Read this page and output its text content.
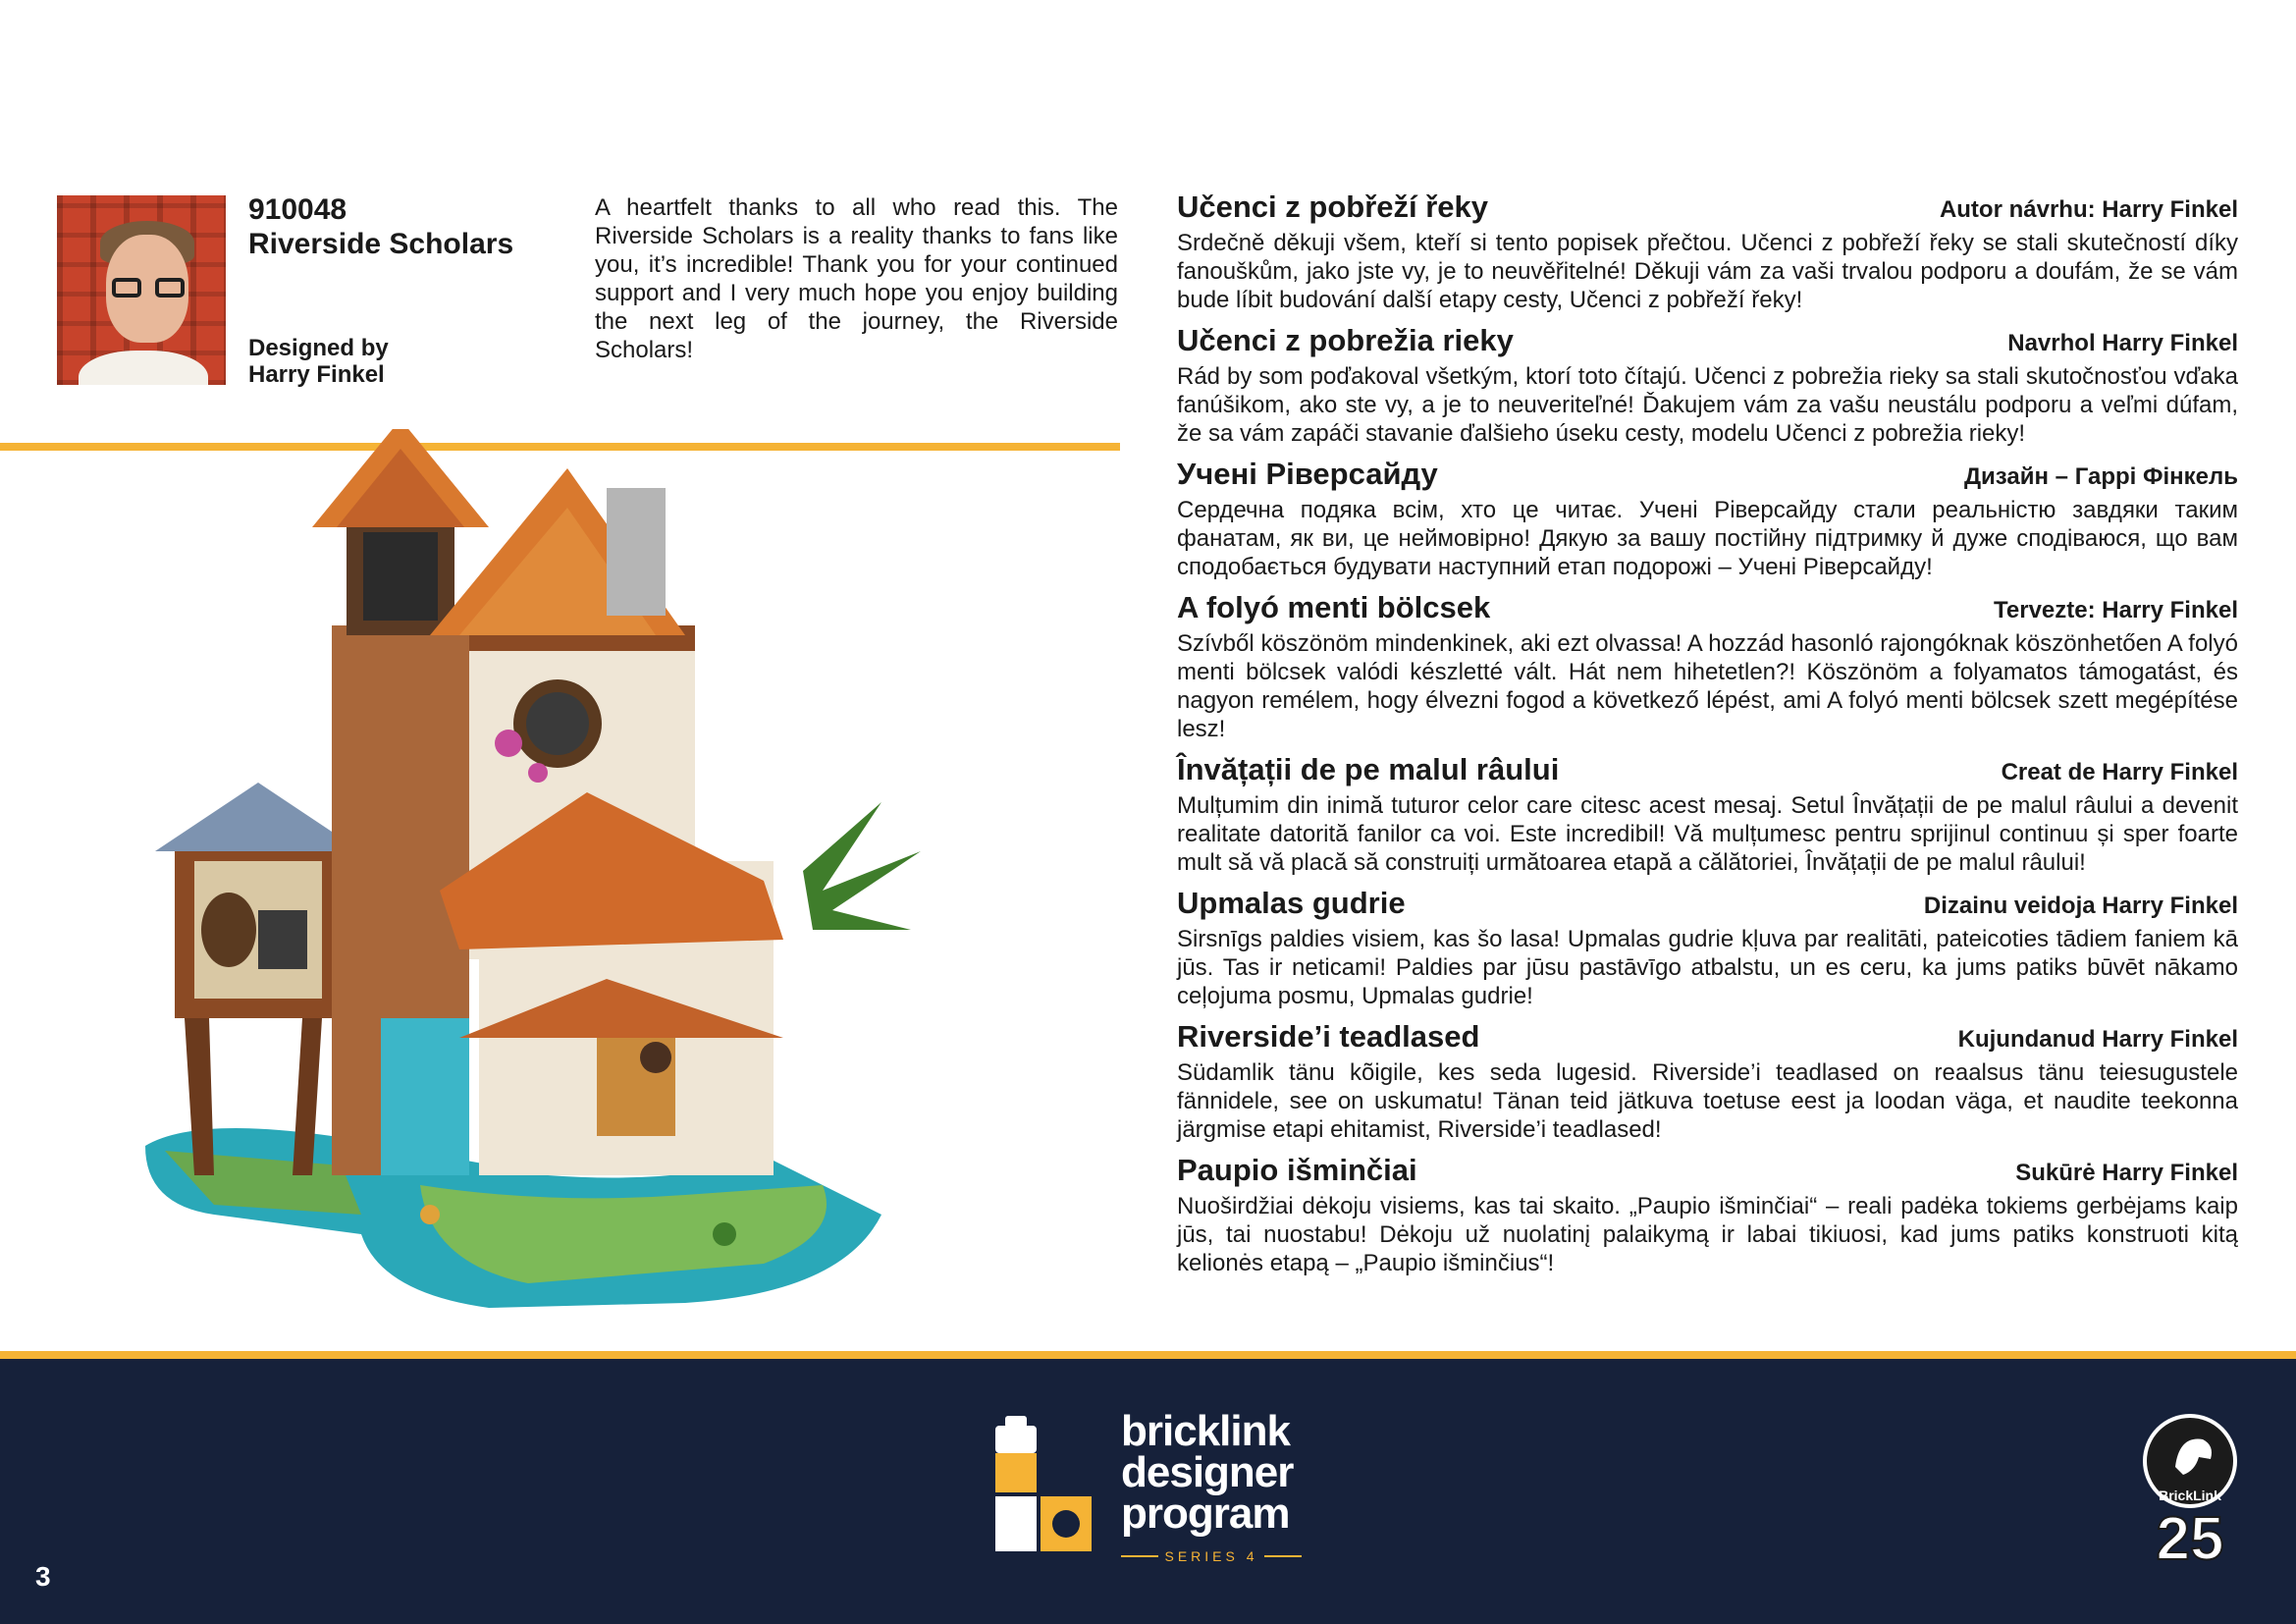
910048
Riverside Scholars
Designed by
Harry Finkel

A heartfelt thanks to all who read this. The Riverside Scholars is a reality thanks to fans like you, it’s incredible! Thank you for your continued support and I very much hope you enjoy building the next leg of the journey, the Riverside Scholars!

Učenci z pobřeží řeky	Autor návrhu: Harry Finkel

Srdečně děkuji všem, kteří si tento popisek přečtou. Učenci z pobřeží řeky se stali skutečností díky fanouškům, jako jste vy, je to neuvěřitelné! Děkuji vám za vaši trvalou podporu a doufám, že se vám bude líbit budování další etapy cesty, Učenci z pobřeží řeky!

Učenci z pobrežia rieky	Navrhol Harry Finkel

Rád by som poďakoval všetkým, ktorí toto čítajú. Učenci z pobrežia rieky sa stali skutočnosťou vďaka fanúšikom, ako ste vy, a je to neuveriteľné! Ďakujem vám za vašu neustálu podporu a veľmi dúfam, že sa vám zapáči stavanie ďalšieho úseku cesty, modelu Učenci z pobrežia rieky!

Учені Ріверсайду	Дизайн – Гаррі Фінкель

Сердечна подяка всім, хто це читає. Учені Ріверсайду стали реальністю завдяки таким фанатам, як ви, це неймовірно! Дякую за вашу постійну підтримку й дуже сподіваюся, що вам сподобається будувати наступний етап подорожі – Учені Ріверсайду!

A folyó menti bölcsek	Tervezte: Harry Finkel

Szívből köszönöm mindenkinek, aki ezt olvassa! A hozzád hasonló rajongóknak köszönhetően A folyó menti bölcsek valódi készletté vált. Hát nem hihetetlen?! Köszönöm a folyamatos támogatást, és nagyon remélem, hogy élvezni fogod a következő lépést, ami A folyó menti bölcsek szett megépítése lesz!

Învățații de pe malul râului	Creat de Harry Finkel

Mulțumim din inimă tuturor celor care citesc acest mesaj. Setul Învățații de pe malul râului a devenit realitate datorită fanilor ca voi. Este incredibil! Vă mulțumesc pentru sprijinul continuu și sper foarte mult să vă placă să construiți următoarea etapă a călătoriei, Învățații de pe malul râului!

Upmalas gudrie	Dizainu veidoja Harry Finkel

Sirsnīgs paldies visiem, kas šo lasa! Upmalas gudrie kļuva par realitāti, pateicoties tādiem faniem kā jūs. Tas ir neticami! Paldies par jūsu pastāvīgo atbalstu, un es ceru, ka jums patiks būvēt nākamo ceļojuma posmu, Upmalas gudrie!

Riverside’i teadlased	Kujundanud Harry Finkel

Südamlik tänu kõigile, kes seda lugesid. Riverside’i teadlased on reaalsus tänu teiesugustele fännidele, see on uskumatu! Tänan teid jätkuva toetuse eest ja loodan väga, et naudite teekonna järgmise etapi ehitamist, Riverside’i teadlased!

Paupio išminčiai	Sukūrė Harry Finkel

Nuoširdžiai dėkoju visiems, kas tai skaito. „Paupio išminčiai“ – reali padėka tokiems gerbėjams kaip jūs, tai nuostabu! Dėkoju už nuolatinį palaikymą ir labai tikiuosi, kad jums patiks konstruoti kitą kelionės etapą – „Paupio išminčius“!

bricklink
designer
program
SERIES 4
BrickLink
25
3
